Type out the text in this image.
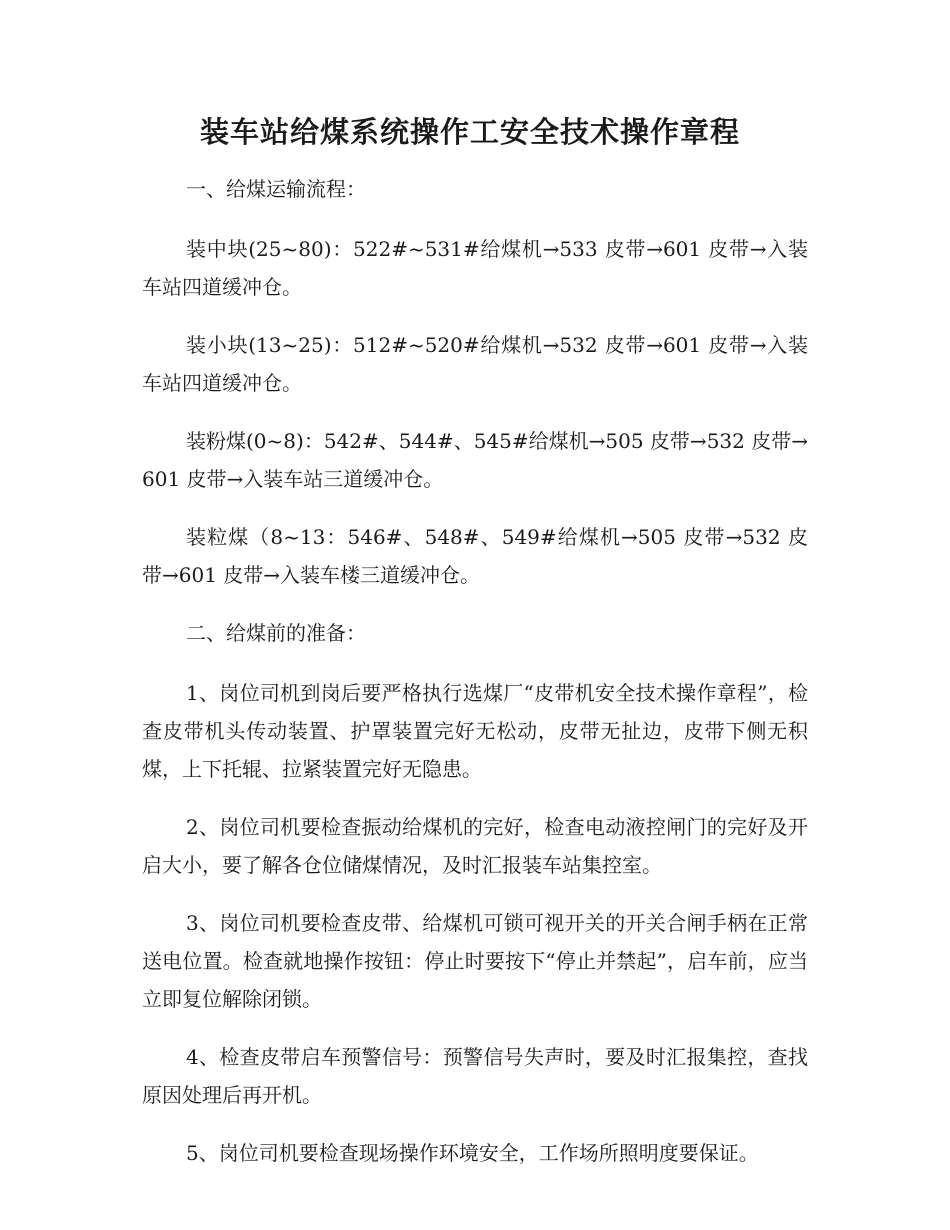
装车站给煤系统操作工安全技术操作章程

一、给煤运输流程：

装中块(25~80)：522#~531#给煤机→533 皮带→601 皮带→入装车站四道缓冲仓。

装小块(13~25)：512#~520#给煤机→532 皮带→601 皮带→入装车站四道缓冲仓。

装粉煤(0~8)：542#、544#、545#给煤机→505 皮带→532 皮带→601 皮带→入装车站三道缓冲仓。

装粒煤（8~13：546#、548#、549#给煤机→505 皮带→532 皮带→601 皮带→入装车楼三道缓冲仓。

二、给煤前的准备：

1、岗位司机到岗后要严格执行选煤厂“皮带机安全技术操作章程”，检查皮带机头传动装置、护罩装置完好无松动，皮带无扯边，皮带下侧无积煤，上下托辊、拉紧装置完好无隐患。

2、岗位司机要检查振动给煤机的完好，检查电动液控闸门的完好及开启大小，要了解各仓位储煤情况，及时汇报装车站集控室。

3、岗位司机要检查皮带、给煤机可锁可视开关的开关合闸手柄在正常送电位置。检查就地操作按钮：停止时要按下“停止并禁起”，启车前，应当立即复位解除闭锁。

4、检查皮带启车预警信号：预警信号失声时，要及时汇报集控，查找原因处理后再开机。

5、岗位司机要检查现场操作环境安全，工作场所照明度要保证。
